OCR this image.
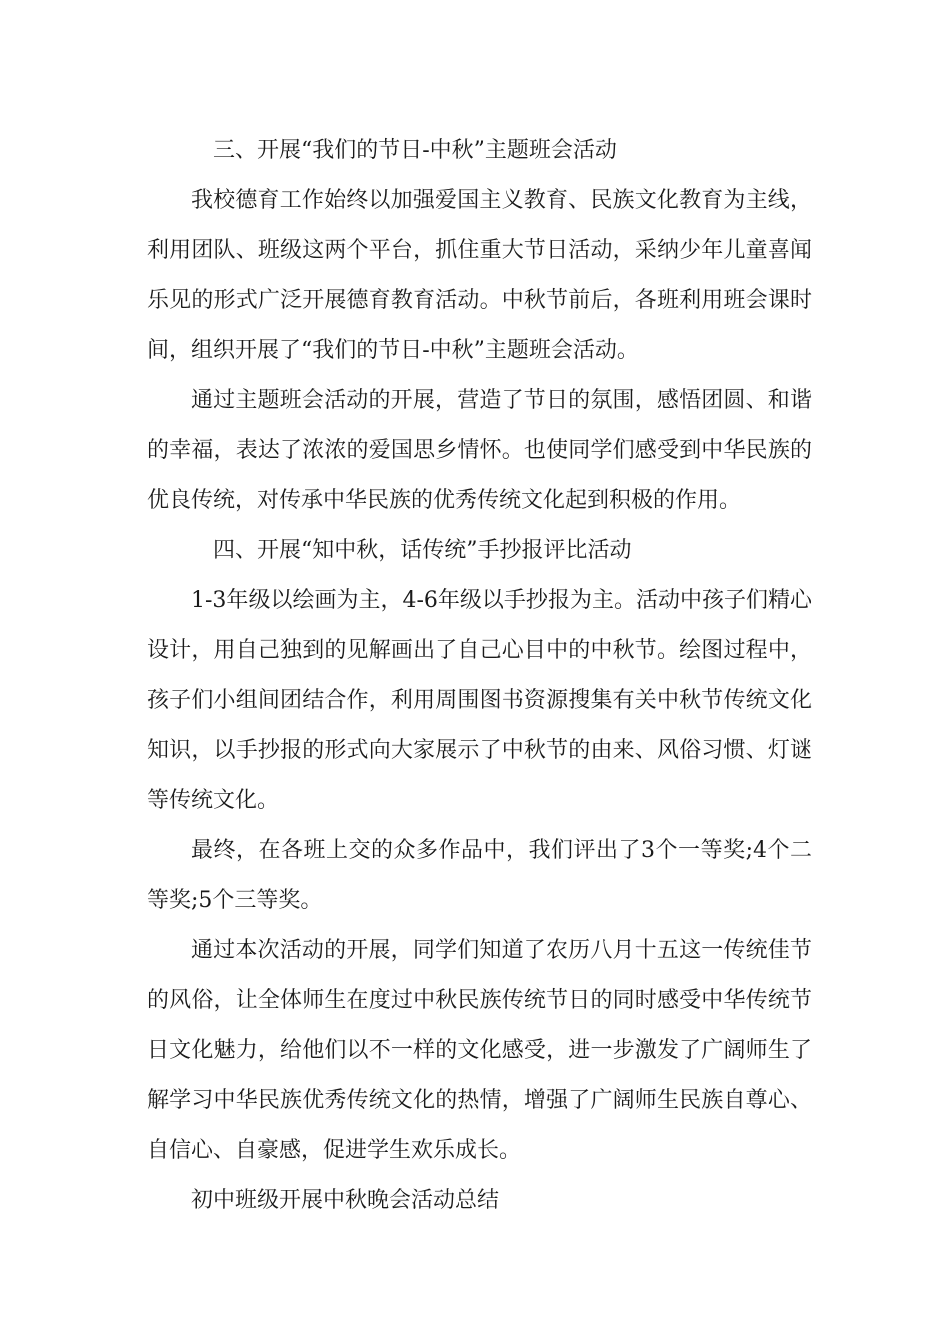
三、开展“我们的节日-中秋”主题班会活动

我校德育工作始终以加强爱国主义教育、民族文化教育为主线，利用团队、班级这两个平台，抓住重大节日活动，采纳少年儿童喜闻乐见的形式广泛开展德育教育活动。中秋节前后，各班利用班会课时间，组织开展了“我们的节日-中秋”主题班会活动。

通过主题班会活动的开展，营造了节日的氛围，感悟团圆、和谐的幸福，表达了浓浓的爱国思乡情怀。也使同学们感受到中华民族的优良传统，对传承中华民族的优秀传统文化起到积极的作用。

四、开展“知中秋，话传统”手抄报评比活动

1-3年级以绘画为主，4-6年级以手抄报为主。活动中孩子们精心设计，用自己独到的见解画出了自己心目中的中秋节。绘图过程中，孩子们小组间团结合作，利用周围图书资源搜集有关中秋节传统文化知识，以手抄报的形式向大家展示了中秋节的由来、风俗习惯、灯谜等传统文化。

最终，在各班上交的众多作品中，我们评出了3个一等奖;4个二等奖;5个三等奖。

通过本次活动的开展，同学们知道了农历八月十五这一传统佳节的风俗，让全体师生在度过中秋民族传统节日的同时感受中华传统节日文化魅力，给他们以不一样的文化感受，进一步激发了广阔师生了解学习中华民族优秀传统文化的热情，增强了广阔师生民族自尊心、自信心、自豪感，促进学生欢乐成长。

初中班级开展中秋晚会活动总结
